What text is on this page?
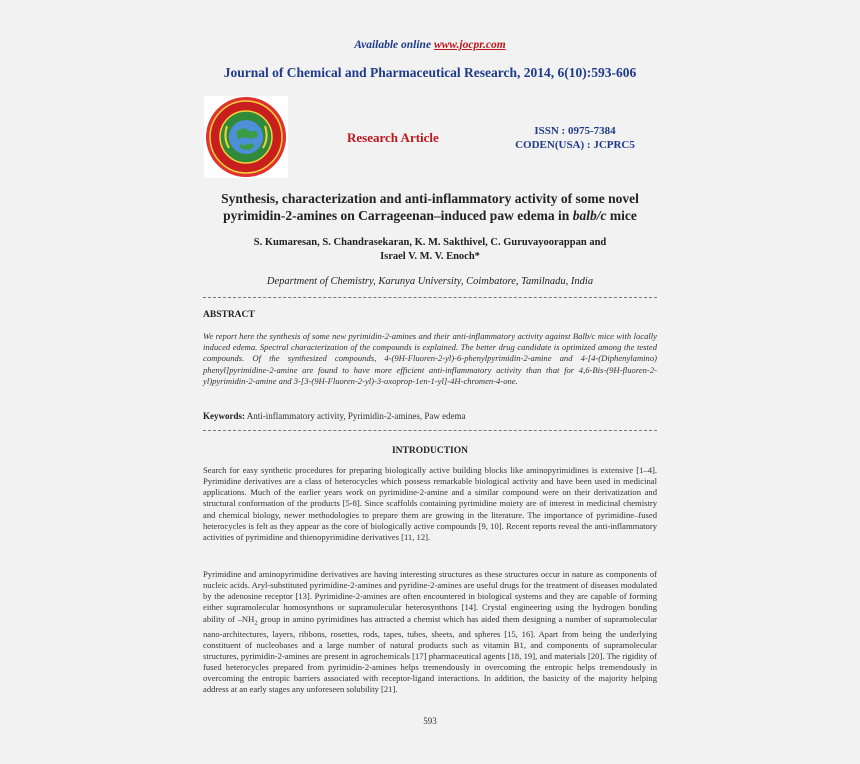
Available online www.jocpr.com
Journal of Chemical and Pharmaceutical Research, 2014, 6(10):593-606
Research Article	ISSN : 0975-7384
CODEN(USA) : JCPRC5
Synthesis, characterization and anti-inflammatory activity of some novel
pyrimidin-2-amines on Carrageenan–induced paw edema in balb/c mice
S. Kumaresan, S. Chandrasekaran, K. M. Sakthivel, C. Guruvayoorappan and
Israel V. M. V. Enoch*
Department of Chemistry, Karunya University, Coimbatore, Tamilnadu, India
ABSTRACT
We report here the synthesis of some new pyrimidin-2-amines and their anti-inflammatory activity against Balb/c mice with locally induced edema. Spectral characterization of the compounds is explained. The better drug candidate is optimized among the tested compounds. Of the synthesized compounds, 4-(9H-Fluoren-2-yl)-6-phenylpyrimidin-2-amine and 4-[4-(Diphenylamino) phenyl]pyrimidine-2-amine are found to have more efficient anti-inflammatory activity than that for 4,6-Bis-(9H-fluoren-2-yl)pyrimidin-2-amine and 3-[3-(9H-Fluoren-2-yl)-3-oxoprop-1en-1-yl]-4H-chromen-4-one.
Keywords: Anti-inflammatory activity, Pyrimidin-2-amines, Paw edema
INTRODUCTION
Search for easy synthetic procedures for preparing biologically active building blocks like aminopyrimidines is extensive [1–4]. Pyrimidine derivatives are a class of heterocycles which possess remarkable biological activity and have been used in medicinal applications. Much of the earlier years work on pyrimidine-2-amine and a similar compound were on their derivatization and structural conformation of the products [5-8]. Since scaffolds containing pyrimidine moiety are of interest in medicinal chemistry and chemical biology, newer methodologies to prepare them are growing in the literature. The importance of pyrimidine–fused heterocycles is felt as they appear as the core of biologically active compounds [9, 10]. Recent reports reveal the anti-inflammatory activities of pyrimidine and thienopyrimidine derivatives [11, 12].
Pyrimidine and aminopyrimidine derivatives are having interesting structures as these structures occur in nature as components of nucleic acids. Aryl-substituted pyrimidine-2-amines and pyridine-2-amines are useful drugs for the treatment of diseases modulated by the adenosine receptor [13]. Pyrimidine-2-amines are often encountered in biological systems and they are capable of forming either supramolecular homosynthons or supramolecular heterosynthons [14]. Crystal engineering using the hydrogen bonding ability of $-NH_2$ group in amino pyrimidines has attracted a chemist which has aided them designing a number of supramolecular nano-architectures, layers, ribbons, rosettes, rods, tapes, tubes, sheets, and spheres [15, 16]. Apart from being the underlying constituent of nucleobases and a large number of natural products such as vitamin B1, and components of supramolecular structures, pyrimidin-2-amines are present in agrochemicals [17] pharmaceutical agents [18, 19], and materials [20]. The rigidity of fused heterocycles prepared from pyrimidin-2-amines helps tremendously in overcoming the entropic helps tremendously in overcoming the entropic barriers associated with receptor-ligand interactions. In addition, the basicity of the majority helping address at an early stages any unforeseen solubility [21].
593
